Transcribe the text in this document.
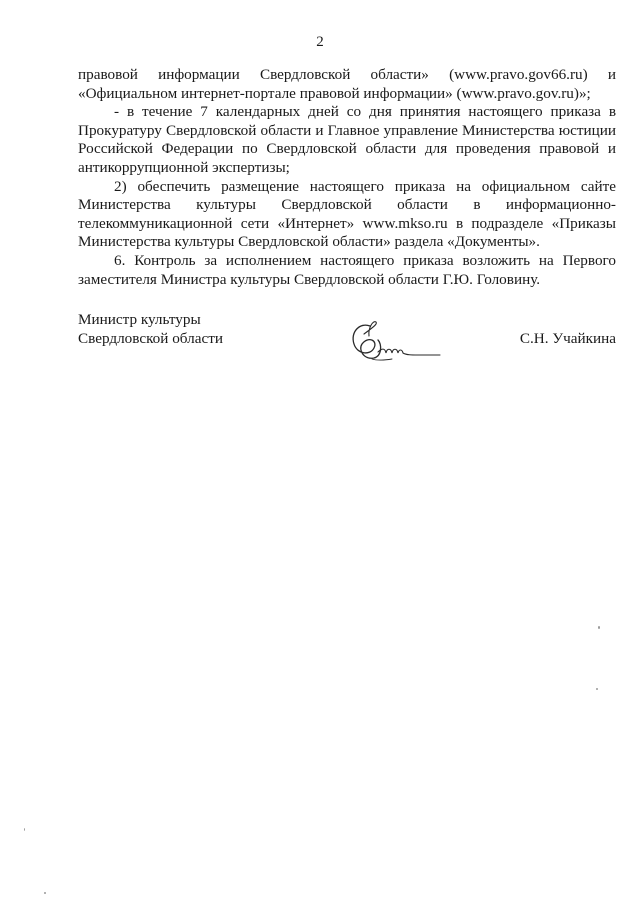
2

правовой информации Свердловской области» (www.pravo.gov66.ru) и «Официальном интернет-портале правовой информации» (www.pravo.gov.ru)»;

- в течение 7 календарных дней со дня принятия настоящего приказа в Прокуратуру Свердловской области и Главное управление Министерства юстиции Российской Федерации по Свердловской области для проведения правовой и антикоррупционной экспертизы;

2) обеспечить размещение настоящего приказа на официальном сайте Министерства культуры Свердловской области в информационно-телекоммуникационной сети «Интернет» www.mkso.ru в подразделе «Приказы Министерства культуры Свердловской области» раздела «Документы».

6. Контроль за исполнением настоящего приказа возложить на Первого заместителя Министра культуры Свердловской области Г.Ю. Головину.

Министр культуры
Свердловской области	С.Н. Учайкина
